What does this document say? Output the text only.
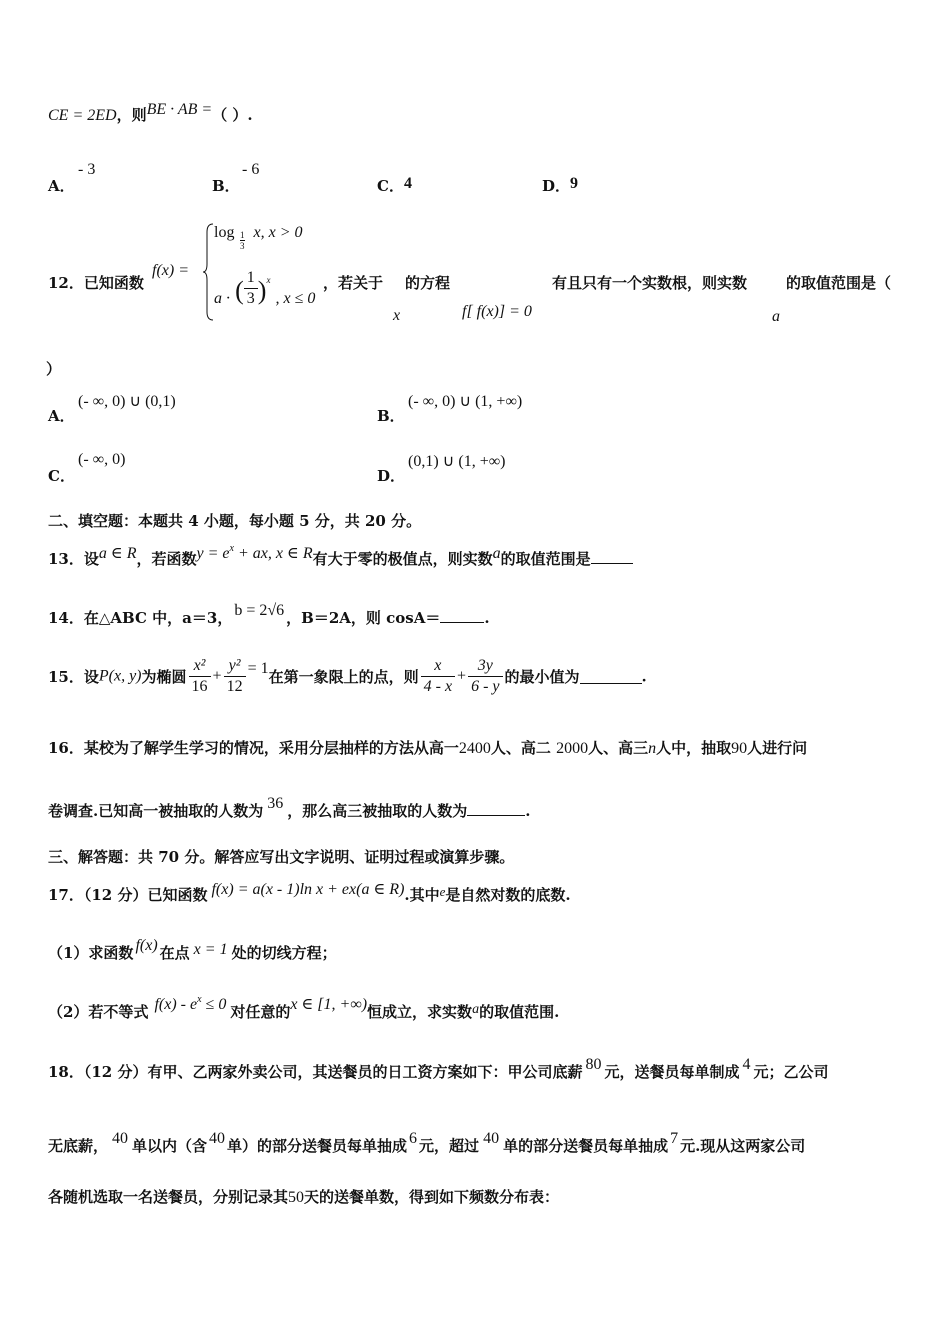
CE = 2ED，则BE · AB =（ ）.
A．
- 3
B．
- 6
C． 4	D． 9
12．已知函数
f(x) =
$\log \frac{1}{3} x$, x > 0
a · ( $\frac{1}{3} )^x$ , x ≤ 0
，若关于 的方程
x	f[ f(x)] = 0
有且只有一个实数根，则实数
a
的取值范围是（
）
A．
(- ∞, 0) ∪ (0,1)
B．
(- ∞, 0) ∪ (1, +∞)
C．
(- ∞, 0)
D．
(0,1) ∪ (1, +∞)
二、填空题：本题共 4 小题，每小题 5 分，共 20 分。
13．设a ∈ R，若函数$y = e^x$ + ax, x ∈ R有大于零的极值点，则实数a的取值范围是
14．在△ABC 中，a＝3， b = 2√6 ，B＝2A，则 cosA＝	.
15．设P(x, y)为椭圆 $\frac{\text{x²}}{16} + \frac{\text{y²}}{12} = 1$在第一象限上的点，则 $\frac{x}{4 - x} + \frac{3y}{6 - y}$ 的最小值为	.
16．某校为了解学生学习的情况，采用分层抽样的方法从高一2400人、高二 2000人、高三n人中，抽取90人进行问
卷调查.已知高一被抽取的人数为 36 ，那么高三被抽取的人数为	.
三、解答题：共 70 分。解答应写出文字说明、证明过程或演算步骤。
17．（12 分）已知函数 f(x) = a(x - 1)ln x + ex(a ∈ R).其中e是自然对数的底数.
（1）求函数 f(x) 在点 x = 1 处的切线方程；
（2）若不等式 $f(x) - e^x \le 0$ 对任意的x ∈ [1, +∞)恒成立，求实数a的取值范围.
18．（12 分）有甲、乙两家外卖公司，其送餐员的日工资方案如下：甲公司底薪 80 元，送餐员每单制成 4 元；乙公司
无底薪， 40 单以内（含 40 单）的部分送餐员每单抽成 6 元，超过 40 单的部分送餐员每单抽成 7 元.现从这两家公司
各随机选取一名送餐员，分别记录其50天的送餐单数，得到如下频数分布表：
